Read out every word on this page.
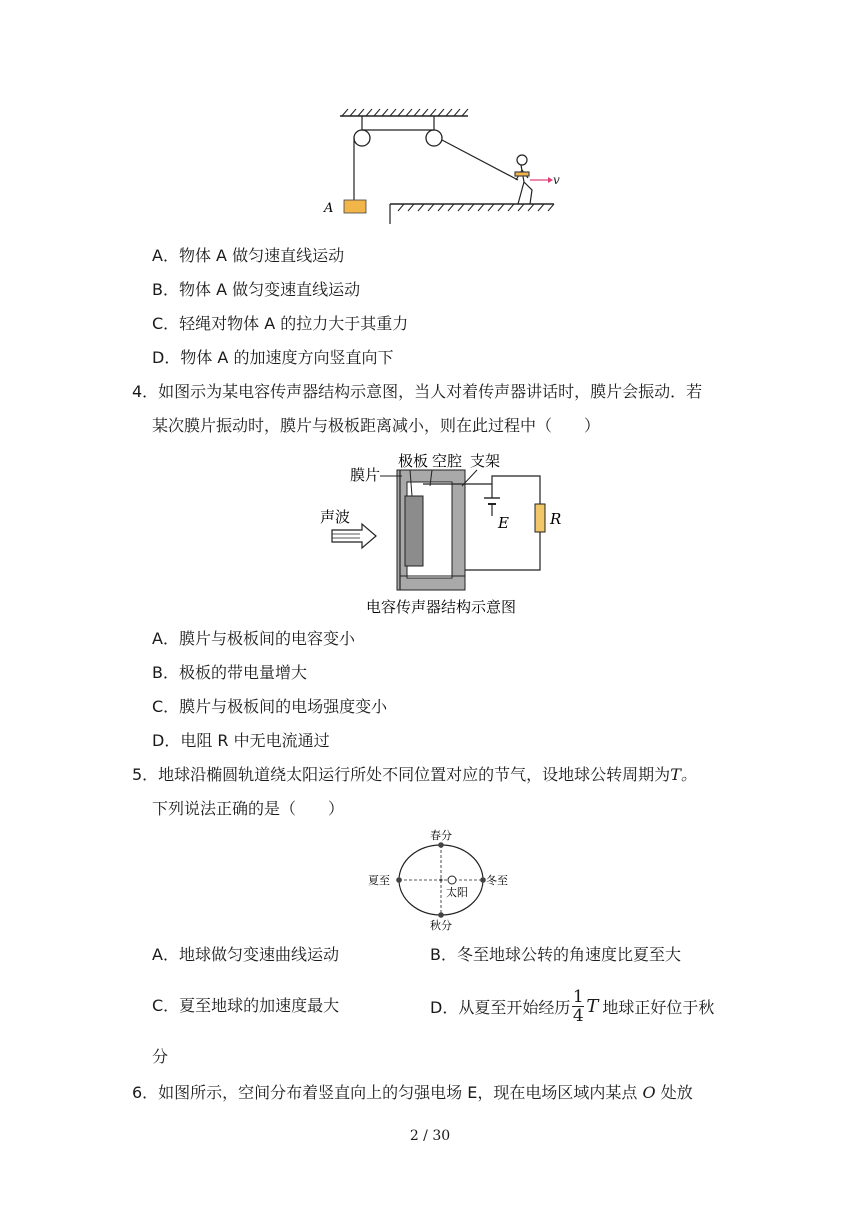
A
v
A．物体 A 做匀速直线运动
B．物体 A 做匀变速直线运动
C．轻绳对物体 A 的拉力大于其重力
D．物体 A 的加速度方向竖直向下
4．如图示为某电容传声器结构示意图，当人对着传声器讲话时，膜片会振动．若
某次膜片振动时，膜片与极板距离减小，则在此过程中（　　）
膜片
极板 空腔 支架
声波	E	R
电容传声器结构示意图
A．膜片与极板间的电容变小
B．极板的带电量增大
C．膜片与极板间的电场强度变小
D．电阻 R 中无电流通过
5．地球沿椭圆轨道绕太阳运行所处不同位置对应的节气，设地球公转周期为T。
下列说法正确的是（　　）
春分
夏至
太阳
冬至
秋分
A．地球做匀变速曲线运动	B．冬至地球公转的角速度比夏至大
C．夏至地球的加速度最大	D．从夏至开始经历 $\frac{1}{4}$ T 地球正好位于秋
分
6．如图所示，空间分布着竖直向上的匀强电场 E，现在电场区域内某点 O 处放
2 / 30
